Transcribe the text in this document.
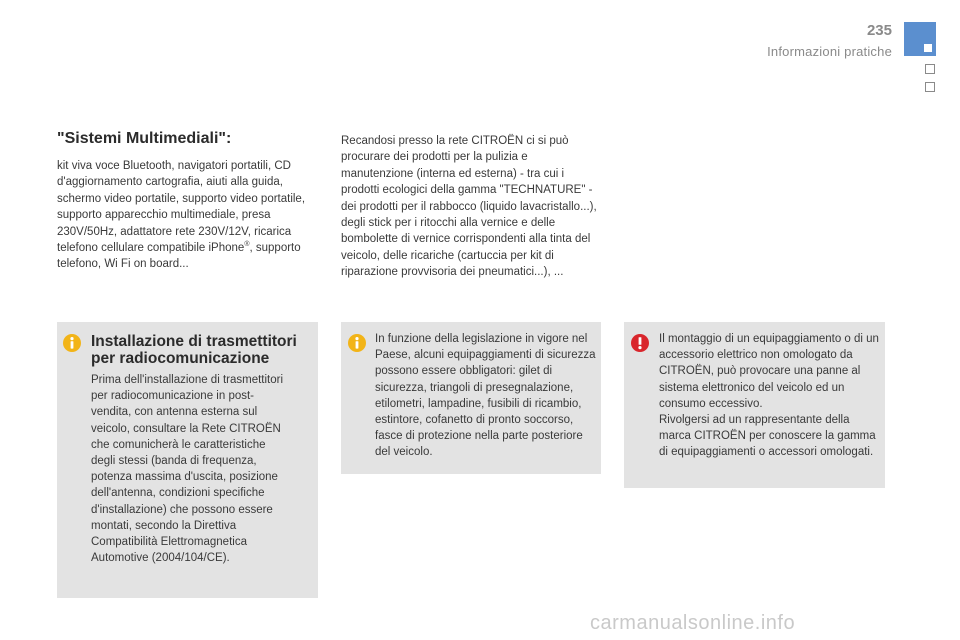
235
Informazioni pratiche
"Sistemi Multimediali":
kit viva voce Bluetooth, navigatori portatili, CD d'aggiornamento cartografia, aiuti alla guida, schermo video portatile, supporto video portatile, supporto apparecchio multimediale, presa 230V/50Hz, adattatore rete 230V/12V, ricarica telefono cellulare compatibile iPhone®, supporto telefono, Wi Fi on board...
Recandosi presso la rete CITROËN ci si può procurare dei prodotti per la pulizia e manutenzione (interna ed esterna) - tra cui i prodotti ecologici della gamma "TECHNATURE" - dei prodotti per il rabbocco (liquido lavacristallo...), degli stick per i ritocchi alla vernice e delle bombolette di vernice corrispondenti alla tinta del veicolo, delle ricariche (cartuccia per kit di riparazione provvisoria dei pneumatici...), ...
Installazione di trasmettitori per radiocomunicazione
Prima dell'installazione di trasmettitori per radiocomunicazione in post-vendita, con antenna esterna sul veicolo, consultare la Rete CITROËN che comunicherà le caratteristiche degli stessi (banda di frequenza, potenza massima d'uscita, posizione dell'antenna, condizioni specifiche d'installazione) che possono essere montati, secondo la Direttiva Compatibilità Elettromagnetica Automotive (2004/104/CE).
In funzione della legislazione in vigore nel Paese, alcuni equipaggiamenti di sicurezza possono essere obbligatori: gilet di sicurezza, triangoli di presegnalazione, etilometri, lampadine, fusibili di ricambio, estintore, cofanetto di pronto soccorso, fasce di protezione nella parte posteriore del veicolo.
Il montaggio di un equipaggiamento o di un accessorio elettrico non omologato da CITROËN, può provocare una panne al sistema elettronico del veicolo ed un consumo eccessivo.
Rivolgersi ad un rappresentante della marca CITROËN per conoscere la gamma di equipaggiamenti o accessori omologati.
carmanualsonline.info
